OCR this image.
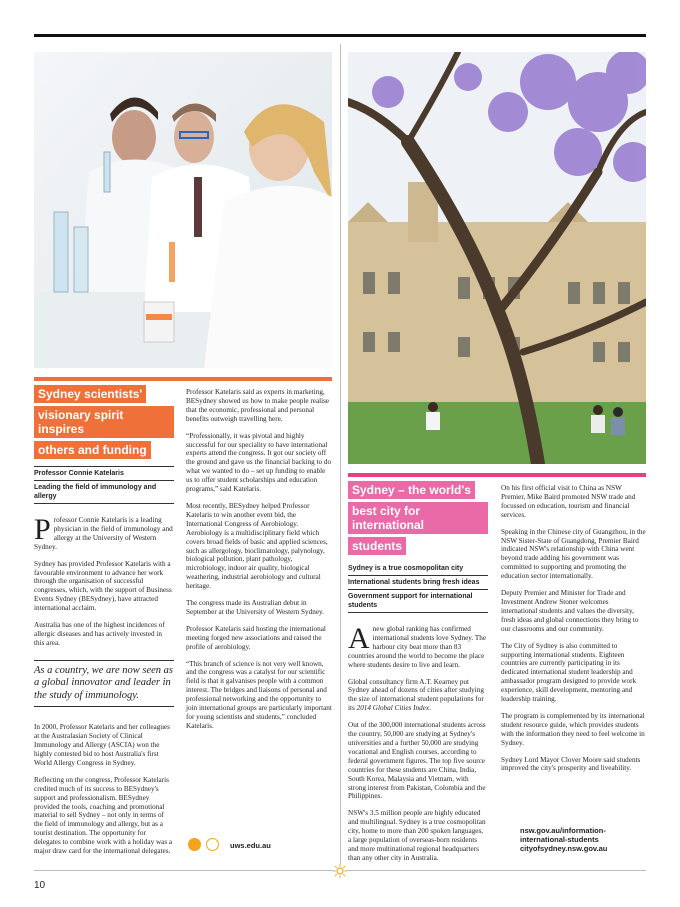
Sydney scientists'
visionary spirit inspires
others and funding
Professor Connie Katelaris
Leading the field of immunology and allergy

Professor Connie Katelaris is a leading physician in the field of immunology and allergy at the University of Western Sydney.

Sydney has provided Professor Katelaris with a favourable environment to advance her work through the organisation of successful congresses, which, with the support of Business Events Sydney (BESydney), have attracted international acclaim.

Australia has one of the highest incidences of allergic diseases and has actively invested in this area.

As a country, we are now seen as a global innovator and leader in the study of immunology.

In 2000, Professor Katelaris and her colleagues at the Australasian Society of Clinical Immunology and Allergy (ASCIA) won the highly contested bid to host Australia's first World Allergy Congress in Sydney.

Reflecting on the congress, Professor Katelaris credited much of its success to BESydney's support and professionalism. BESydney provided the tools, coaching and promotional material to sell Sydney – not only in terms of the field of immunology and allergy, but as a tourist destination. The opportunity for delegates to combine work with a holiday was a major draw card for the international delegates.

Professor Katelaris said as experts in marketing, BESydney showed us how to make people realise that the economic, professional and personal benefits outweigh travelling here.

“Professionally, it was pivotal and highly successful for our speciality to have international experts attend the congress. It got our society off the ground and gave us the financial backing to do what we wanted to do – set up funding to enable us to offer student scholarships and education programs,” said Katelaris.

Most recently, BESydney helped Professor Katelaris to win another event bid, the International Congress of Aerobiology. Aerobiology is a multidisciplinary field which covers broad fields of basic and applied sciences, such as allergology, bioclimatology, palynology, biological pollution, plant pathology, microbiology, indoor air quality, biological weathering, industrial aerobiology and cultural heritage.

The congress made its Australian debut in September at the University of Western Sydney.

Professor Katelaris said hosting the international meeting forged new associations and raised the profile of aerobiology.

“This branch of science is not very well known, and the congress was a catalyst for our scientific field is that it galvanises people with a common interest. The bridges and liaisons of personal and professional networking and the opportunity to join international groups are particularly important for young scientists and students,” concluded Katelaris.

uws.edu.au
Sydney – the world's
best city for international
students
Sydney is a true cosmopolitan city
International students bring fresh ideas
Government support for international students

Anew global ranking has confirmed international students love Sydney. The harbour city beat more than 83 countries around the world to become the place where students desire to live and learn.

Global consultancy firm A.T. Kearney put Sydney ahead of dozens of cities after studying the size of international student populations for its 2014 Global Cities Index.

Out of the 300,000 international students across the country, 50,000 are studying at Sydney's universities and a further 50,000 are studying vocational and English courses, according to federal government figures. The top five source countries for these students are China, India, South Korea, Malaysia and Vietnam, with strong interest from Pakistan, Colombia and the Philippines.

NSW's 3.5 million people are highly educated and multilingual. Sydney is a true cosmopolitan city, home to more than 200 spoken languages, a large population of overseas-born residents and more multinational regional headquarters than any other city in Australia.

On his first official visit to China as NSW Premier, Mike Baird promoted NSW trade and focussed on education, tourism and financial services.

Speaking in the Chinese city of Guangzhou, in the NSW Sister-State of Guangdong, Premier Baird indicated NSW's relationship with China went beyond trade adding his government was committed to supporting and promoting the education sector internationally.

Deputy Premier and Minister for Trade and Investment Andrew Stoner welcomes international students and values the diversity, fresh ideas and global connections they bring to our classrooms and our community.

The City of Sydney is also committed to supporting international students. Eighteen countries are currently participating in its dedicated international student leadership and ambassador program designed to provide work experience, skill development, mentoring and leadership training.

The program is complemented by its international student resource guide, which provides students with the information they need to feel welcome in Sydney.

Sydney Lord Mayor Clover Moore said students improved the city's prosperity and liveability.

nsw.gov.au/information-
international-students
cityofsydney.nsw.gov.au
10
